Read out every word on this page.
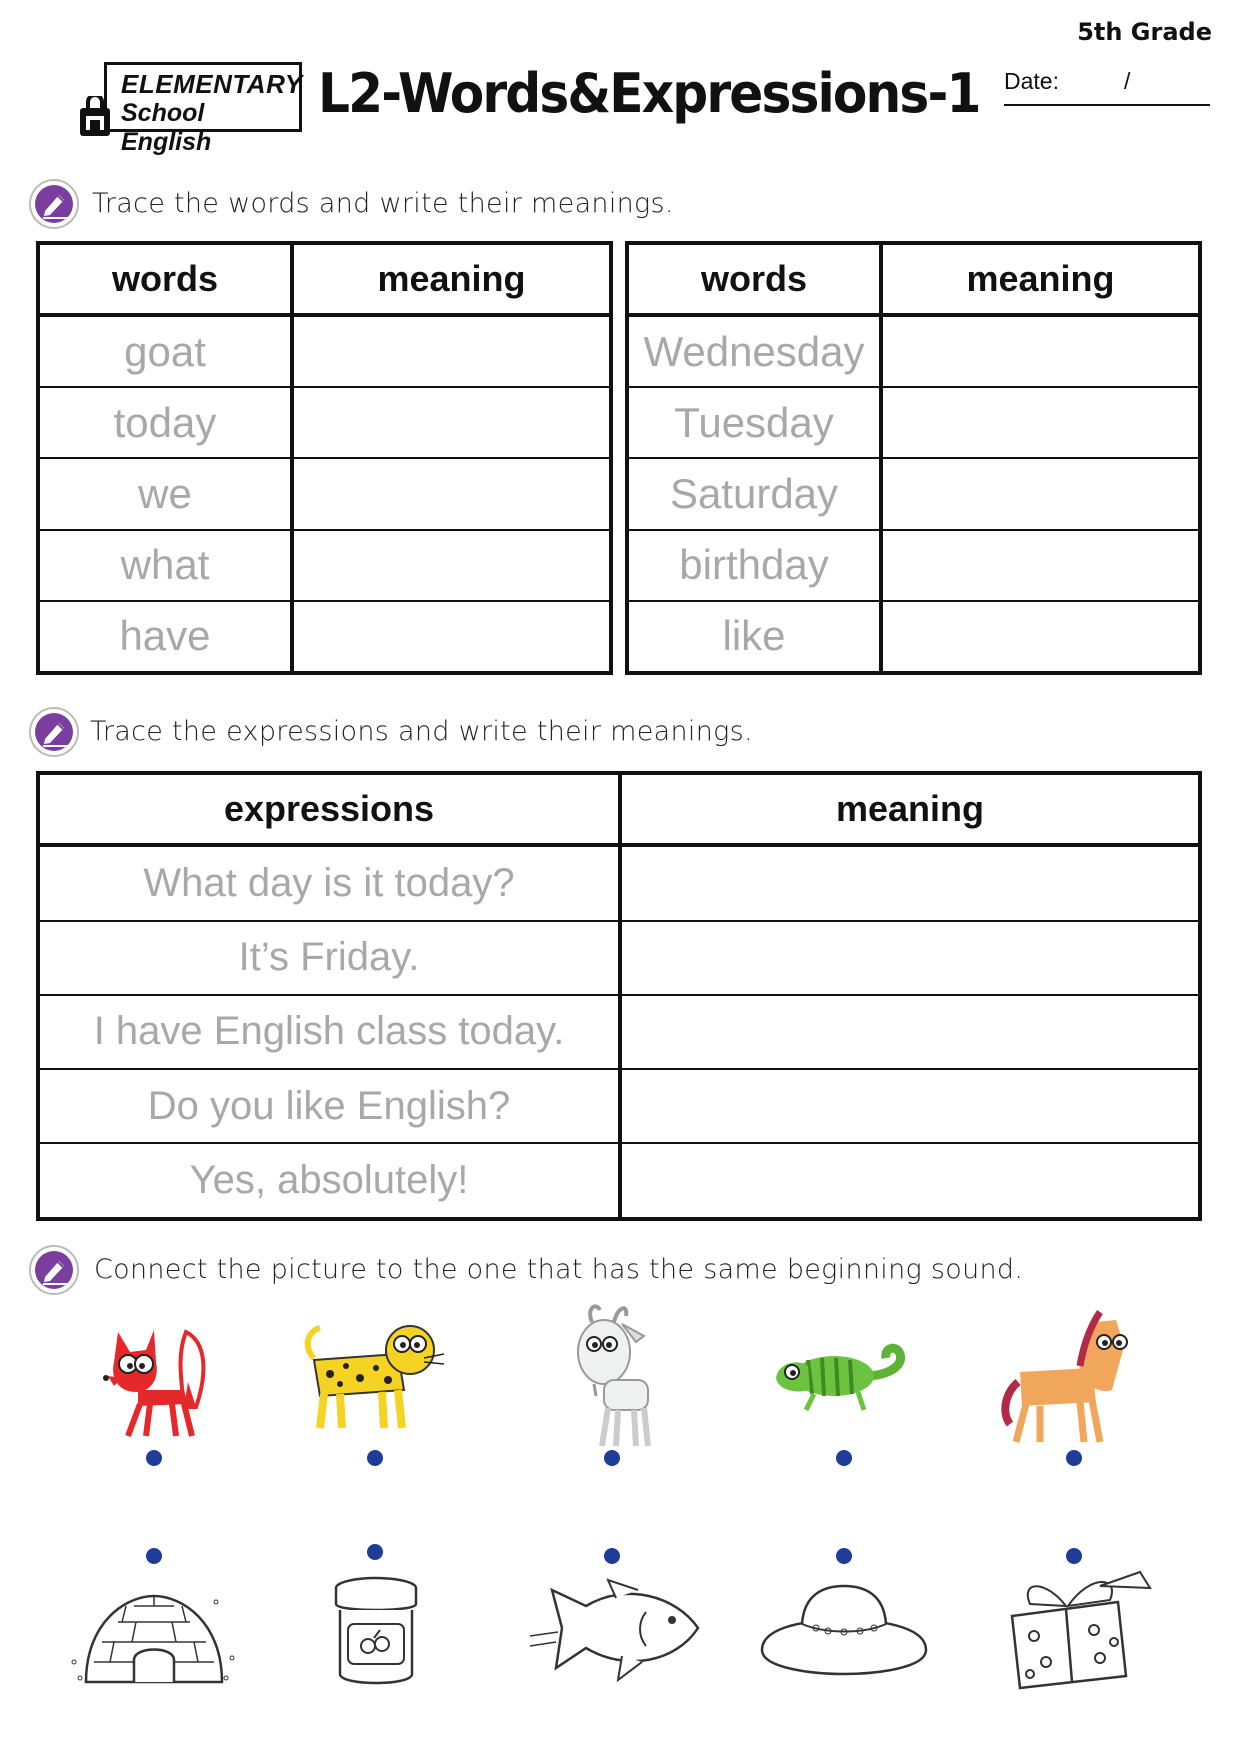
5th Grade
ELEMENTARY
School English
L2-Words&Expressions-1 Date:	/
Trace the words and write their meanings.
words	meaning
goat	
today	
we	
what	
have	
words	meaning
Wednesday	
Tuesday	
Saturday	
birthday	
like	
Trace the expressions and write their meanings.
expressions	meaning
What day is it today?	
It’s Friday.	
I have English class today.	
Do you like English?	
Yes, absolutely!	
Connect the picture to the one that has the same beginning sound.
